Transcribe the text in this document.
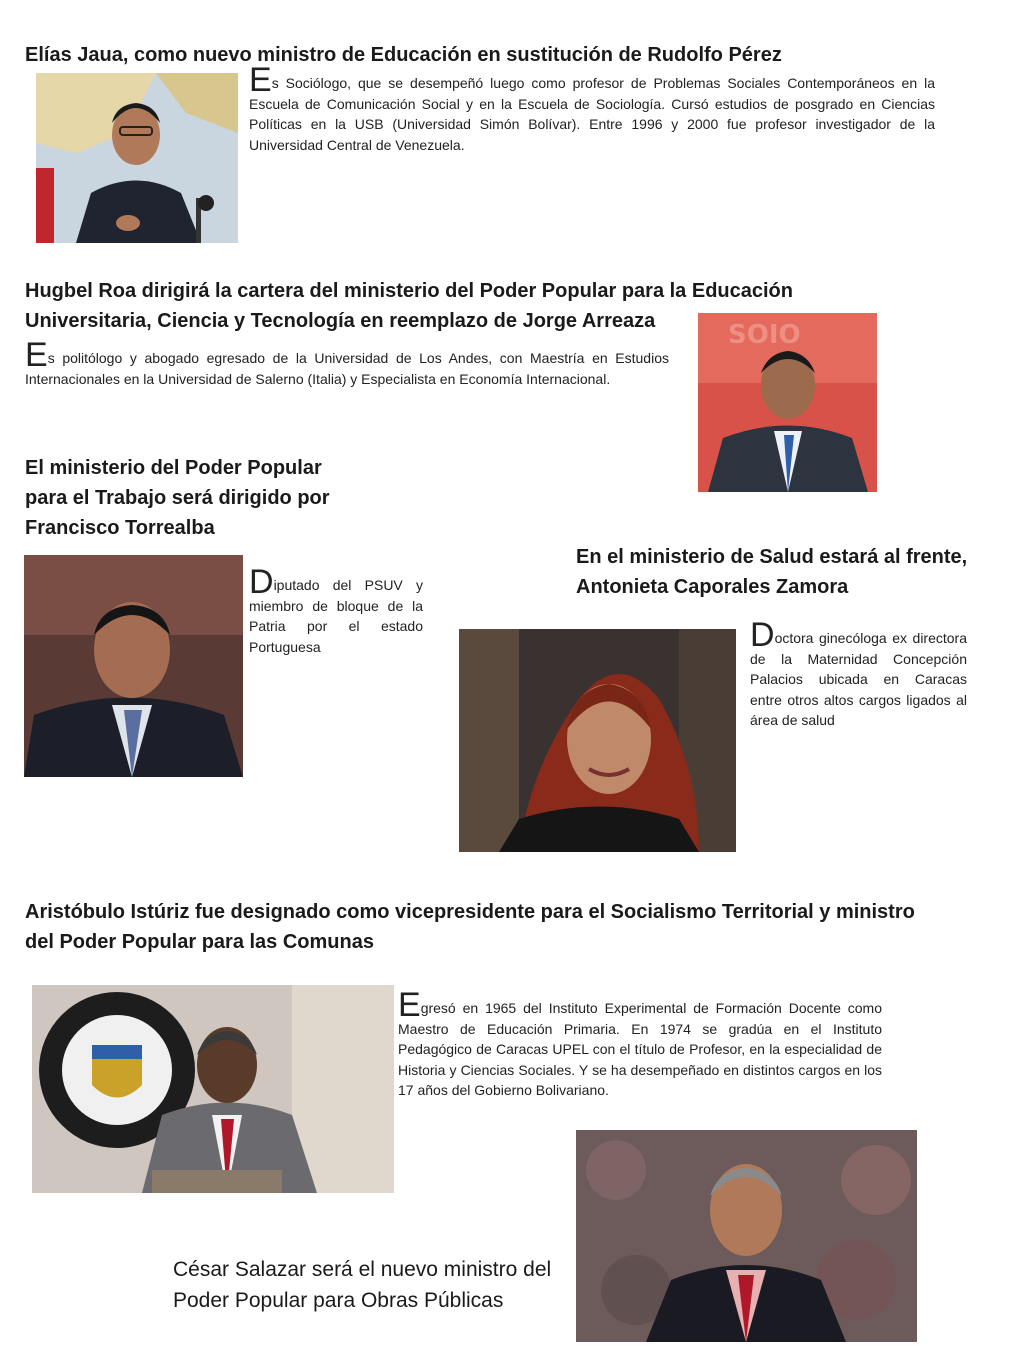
Elías Jaua, como nuevo ministro de Educación en sustitución de Rudolfo Pérez
Es Sociólogo, que se desempeñó luego como profesor de Problemas Sociales Contemporáneos en la Escuela de Comunicación Social y en la Escuela de Sociología. Cursó estudios de posgrado en Ciencias Políticas en la USB (Universidad Simón Bolívar). Entre 1996 y 2000 fue profesor investigador de la Universidad Central de Venezuela.
Hugbel Roa dirigirá la cartera del ministerio del Poder Popular para la Educación Universitaria, Ciencia y Tecnología en reemplazo de Jorge Arreaza	SOIO
Es politólogo y abogado egresado de la Universidad de Los Andes, con Maestría en Estudios Internacionales en la Universidad de Salerno (Italia) y Especialista en Economía Internacional.
El ministerio del Poder Popular para el Trabajo será dirigido por Francisco Torrealba
Diputado del PSUV y miembro de bloque de la Patria por el estado Portuguesa
En el ministerio de Salud estará al frente, Antonieta Caporales Zamora
Doctora ginecóloga ex directora de la Maternidad Concepción Palacios ubicada en Caracas entre otros altos cargos ligados al área de salud
Aristóbulo Istúriz fue designado como vicepresidente para el Socialismo Territorial y ministro del Poder Popular para las Comunas
Egresó en 1965 del Instituto Experimental de Formación Docente como Maestro de Educación Primaria. En 1974 se gradúa en el Instituto Pedagógico de Caracas UPEL con el título de Profesor, en la especialidad de Historia y Ciencias Sociales. Y se ha desempeñado en distintos cargos en los 17 años del Gobierno Bolivariano.
César Salazar será el nuevo ministro del Poder Popular para Obras Públicas
